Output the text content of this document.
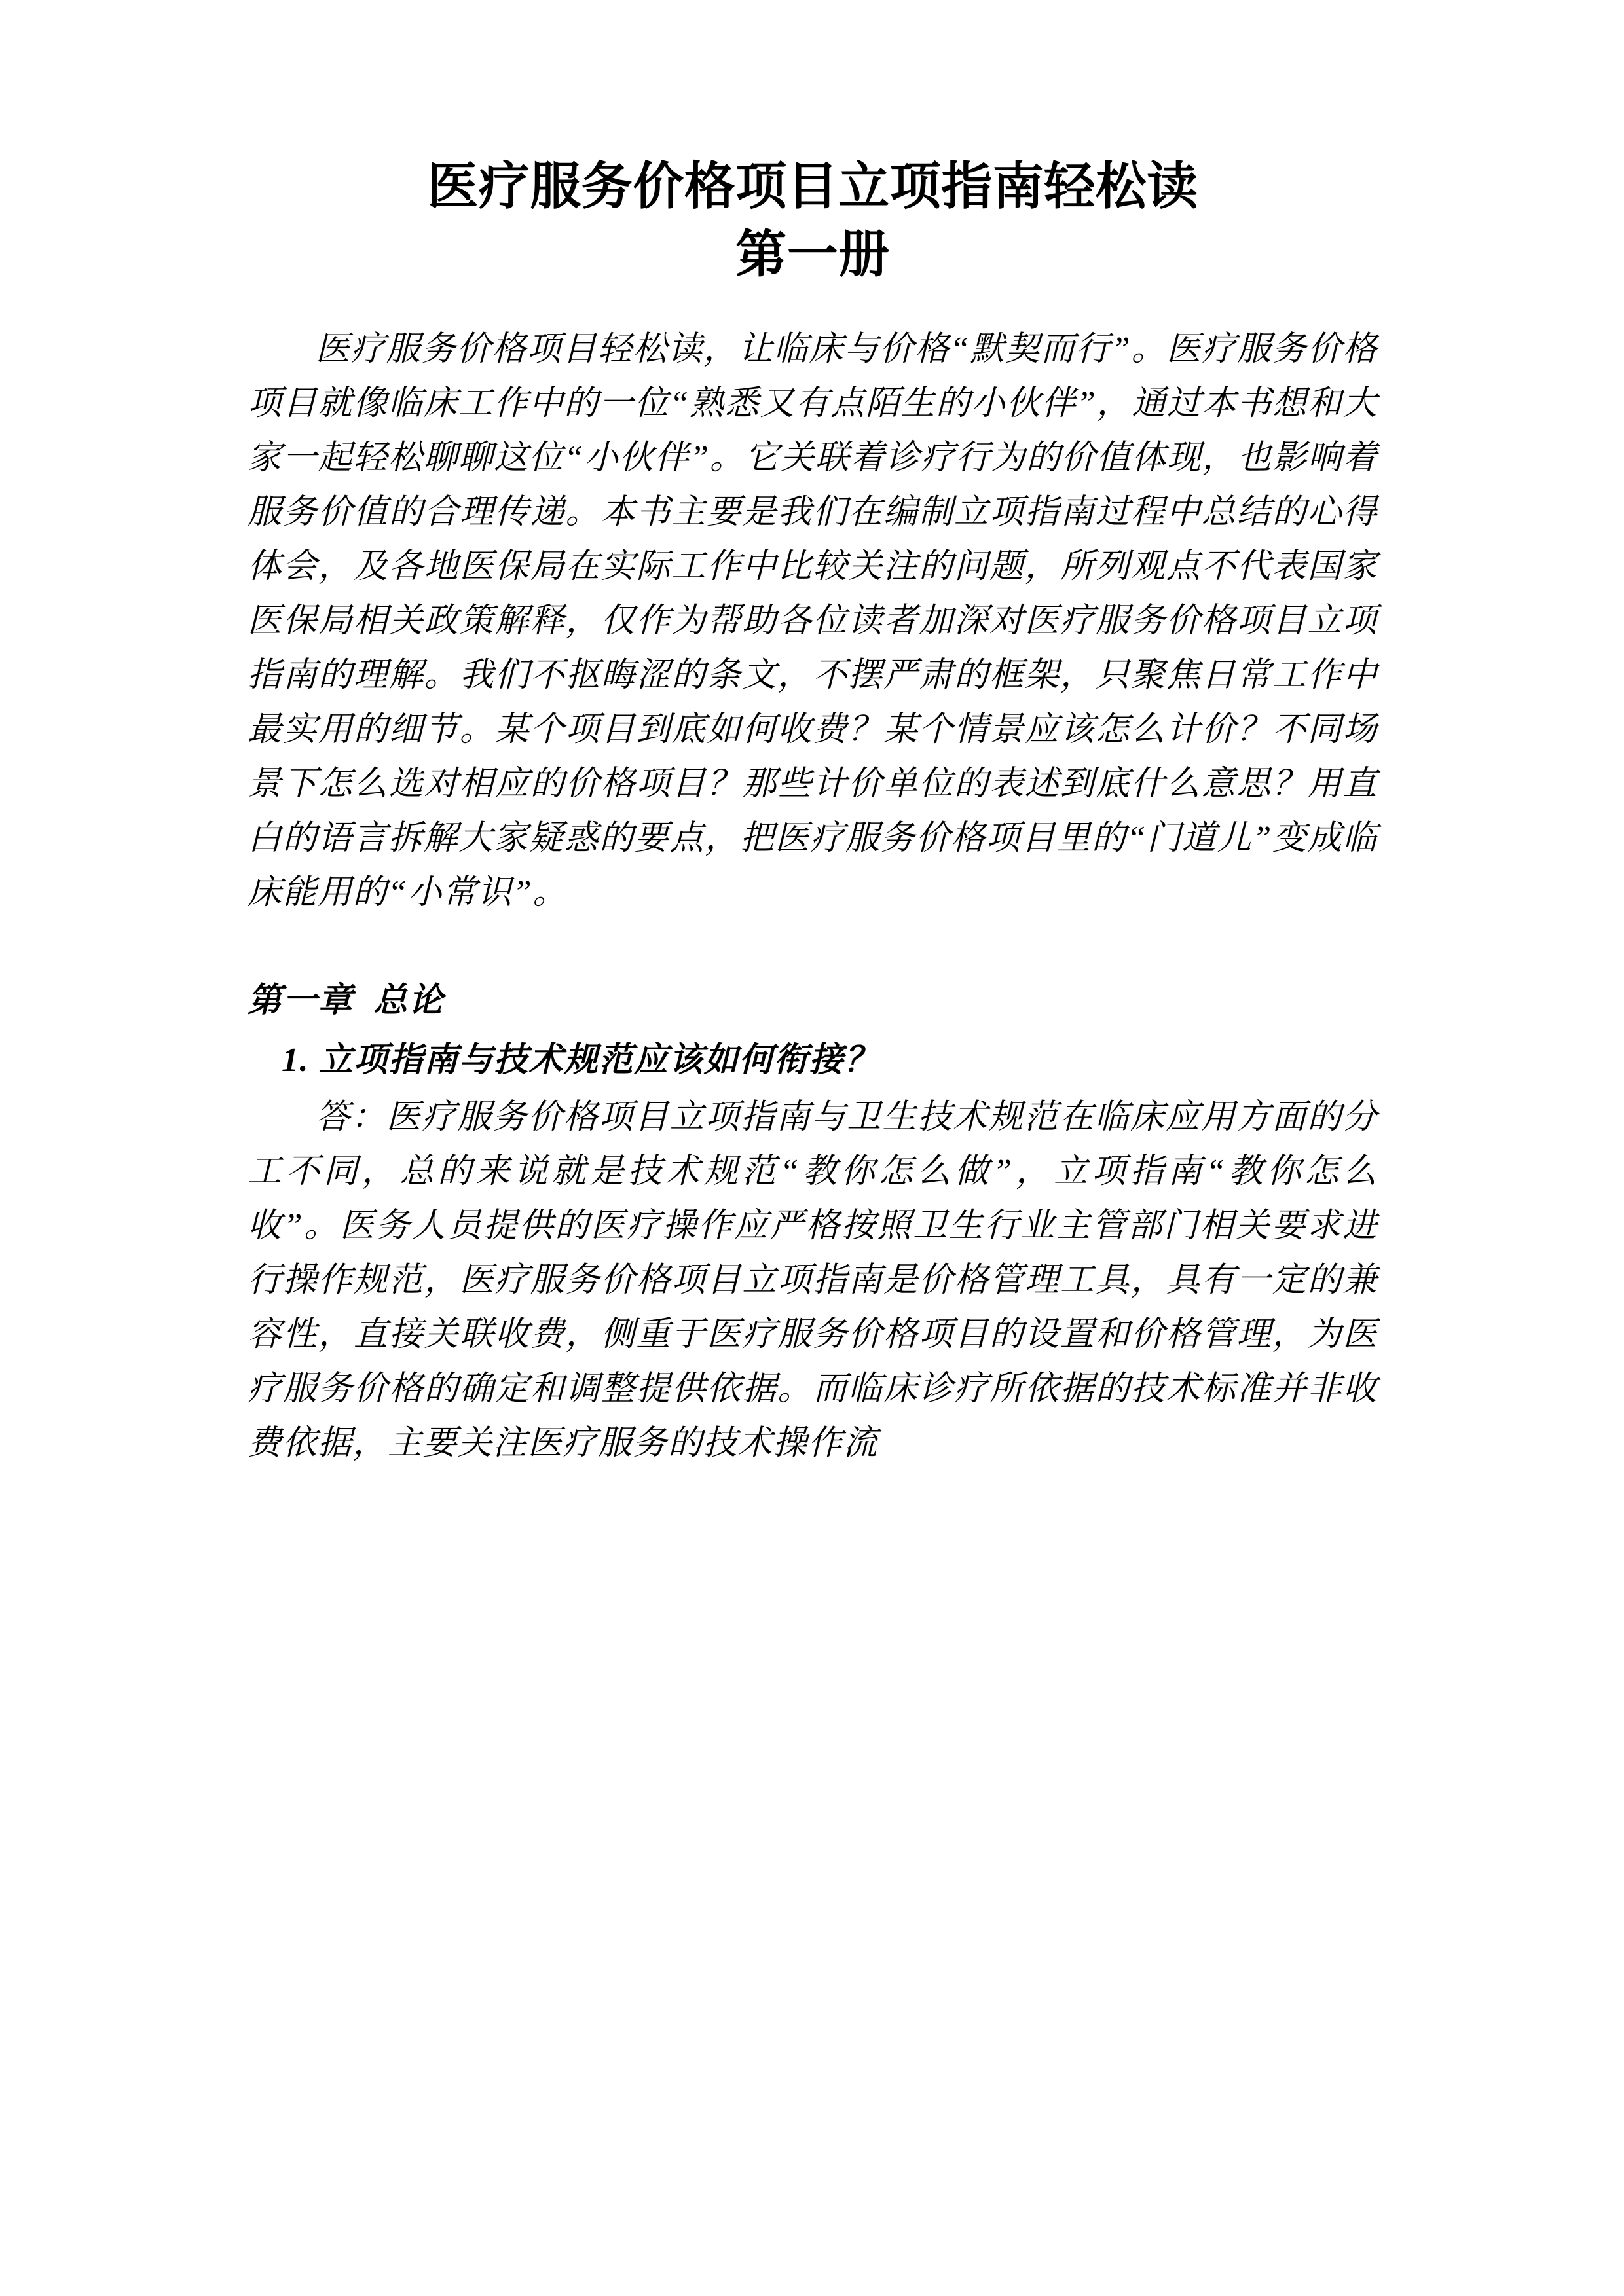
医疗服务价格项目立项指南轻松读
第一册

医疗服务价格项目轻松读，让临床与价格“默契而行”。医疗服务价格项目就像临床工作中的一位“熟悉又有点陌生的小伙伴”，通过本书想和大家一起轻松聊聊这位“小伙伴”。它关联着诊疗行为的价值体现，也影响着服务价值的合理传递。本书主要是我们在编制立项指南过程中总结的心得体会，及各地医保局在实际工作中比较关注的问题，所列观点不代表国家医保局相关政策解释，仅作为帮助各位读者加深对医疗服务价格项目立项指南的理解。我们不抠晦涩的条文，不摆严肃的框架，只聚焦日常工作中最实用的细节。某个项目到底如何收费？某个情景应该怎么计价？不同场景下怎么选对相应的价格项目？那些计价单位的表述到底什么意思？用直白的语言拆解大家疑惑的要点，把医疗服务价格项目里的“门道儿”变成临床能用的“小常识”。

第一章  总论
1. 立项指南与技术规范应该如何衔接？

答：医疗服务价格项目立项指南与卫生技术规范在临床应用方面的分工不同，总的来说就是技术规范“教你怎么做”，立项指南“教你怎么收”。医务人员提供的医疗操作应严格按照卫生行业主管部门相关要求进行操作规范，医疗服务价格项目立项指南是价格管理工具，具有一定的兼容性，直接关联收费，侧重于医疗服务价格项目的设置和价格管理，为医疗服务价格的确定和调整提供依据。而临床诊疗所依据的技术标准并非收费依据，主要关注医疗服务的技术操作流
